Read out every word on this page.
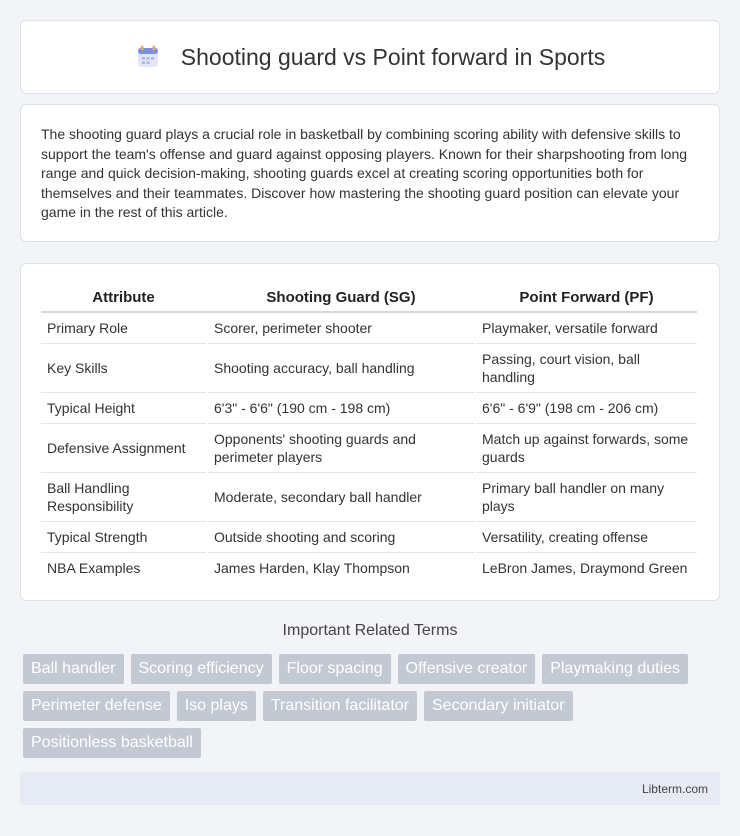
Shooting guard vs Point forward in Sports

The shooting guard plays a crucial role in basketball by combining scoring ability with defensive skills to support the team's offense and guard against opposing players. Known for their sharpshooting from long range and quick decision-making, shooting guards excel at creating scoring opportunities both for themselves and their teammates. Discover how mastering the shooting guard position can elevate your game in the rest of this article.

Attribute	Shooting Guard (SG)	Point Forward (PF)
Primary Role	Scorer, perimeter shooter	Playmaker, versatile forward
Key Skills	Shooting accuracy, ball handling	Passing, court vision, ball handling
Typical Height	6'3" - 6'6" (190 cm - 198 cm)	6'6" - 6'9" (198 cm - 206 cm)
Defensive Assignment	Opponents' shooting guards and perimeter players	Match up against forwards, some guards
Ball Handling Responsibility	Moderate, secondary ball handler	Primary ball handler on many plays
Typical Strength	Outside shooting and scoring	Versatility, creating offense
NBA Examples	James Harden, Klay Thompson	LeBron James, Draymond Green
Important Related Terms
Ball handler	Scoring efficiency	Floor spacing	Offensive creator	Playmaking duties
Perimeter defense	Iso plays	Transition facilitator	Secondary initiator
Positionless basketball
Libterm.com
